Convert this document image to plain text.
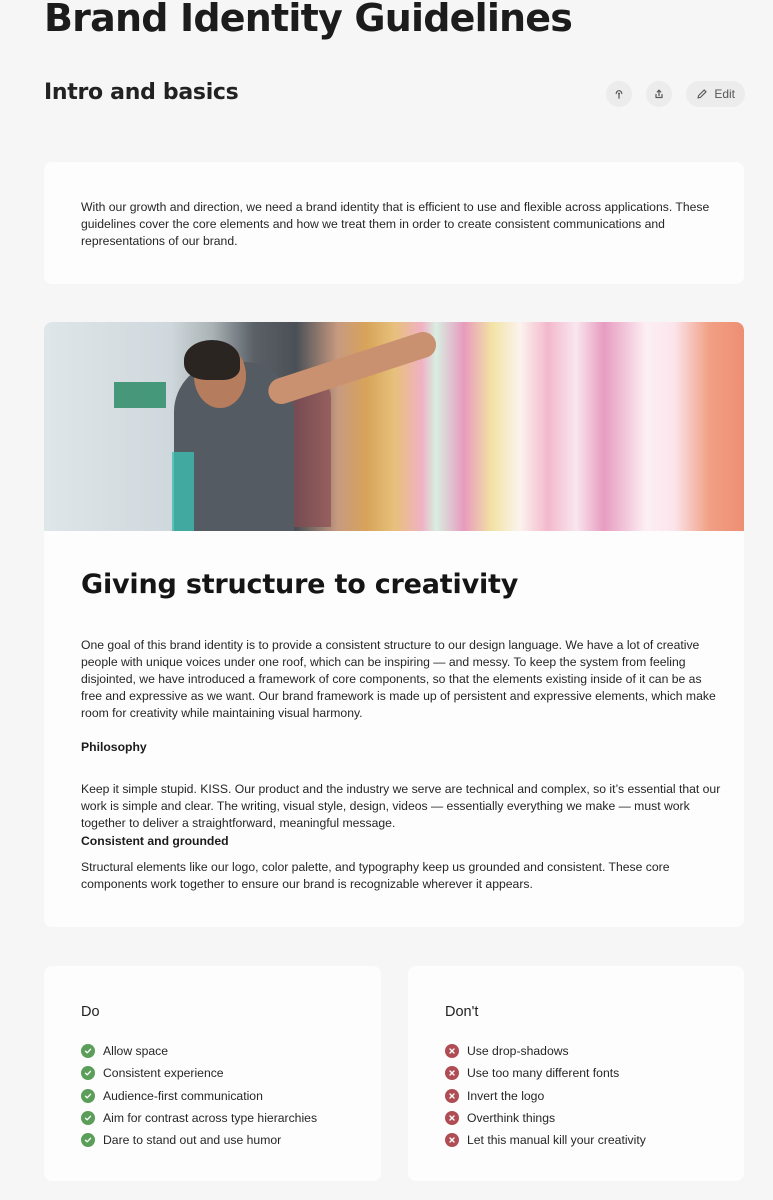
Brand Identity Guidelines
Intro and basics	Edit

With our growth and direction, we need a brand identity that is efficient to use and flexible across applications. These guidelines cover the core elements and how we treat them in order to create consistent communications and representations of our brand.

Giving structure to creativity

One goal of this brand identity is to provide a consistent structure to our design language. We have a lot of creative people with unique voices under one roof, which can be inspiring — and messy. To keep the system from feeling disjointed, we have introduced a framework of core components, so that the elements existing inside of it can be as free and expressive as we want. Our brand framework is made up of persistent and expressive elements, which make room for creativity while maintaining visual harmony.

Philosophy

Keep it simple stupid. KISS. Our product and the industry we serve are technical and complex, so it’s essential that our work is simple and clear. The writing, visual style, design, videos — essentially everything we make — must work together to deliver a straightforward, meaningful message.

Consistent and grounded

Structural elements like our logo, color palette, and typography keep us grounded and consistent. These core components work together to ensure our brand is recognizable wherever it appears.

Do
Allow space
Consistent experience
Audience-first communication
Aim for contrast across type hierarchies
Dare to stand out and use humor
Don't
Use drop-shadows
Use too many different fonts
Invert the logo
Overthink things
Let this manual kill your creativity
